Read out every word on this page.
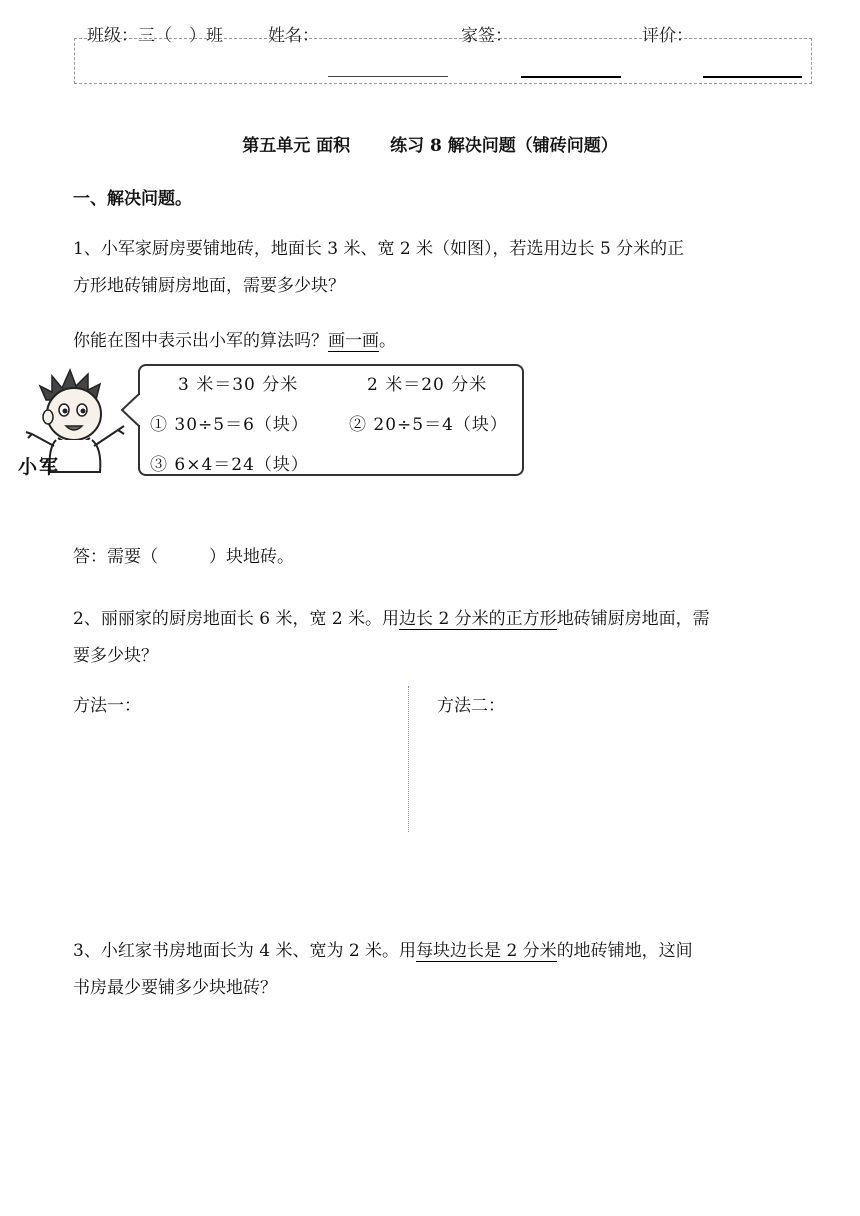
班级：三（　）班	姓名：	家签：	评价：
第五单元 面积 练习 8 解决问题（铺砖问题）
一、解决问题。
1、小军家厨房要铺地砖，地面长 3 米、宽 2 米（如图），若选用边长 5 分米的正
方形地砖铺厨房地面，需要多少块？
你能在图中表示出小军的算法吗？画一画。
小军
3 米＝30 分米	2 米＝20 分米
① 30÷5＝6（块） ② 20÷5＝4（块）
③ 6×4＝24（块）
答：需要（　　　）块地砖。
2、丽丽家的厨房地面长 6 米，宽 2 米。用边长 2 分米的正方形地砖铺厨房地面，需
要多少块？
方法一：	方法二：
3、小红家书房地面长为 4 米、宽为 2 米。用每块边长是 2 分米的地砖铺地，这间
书房最少要铺多少块地砖？
